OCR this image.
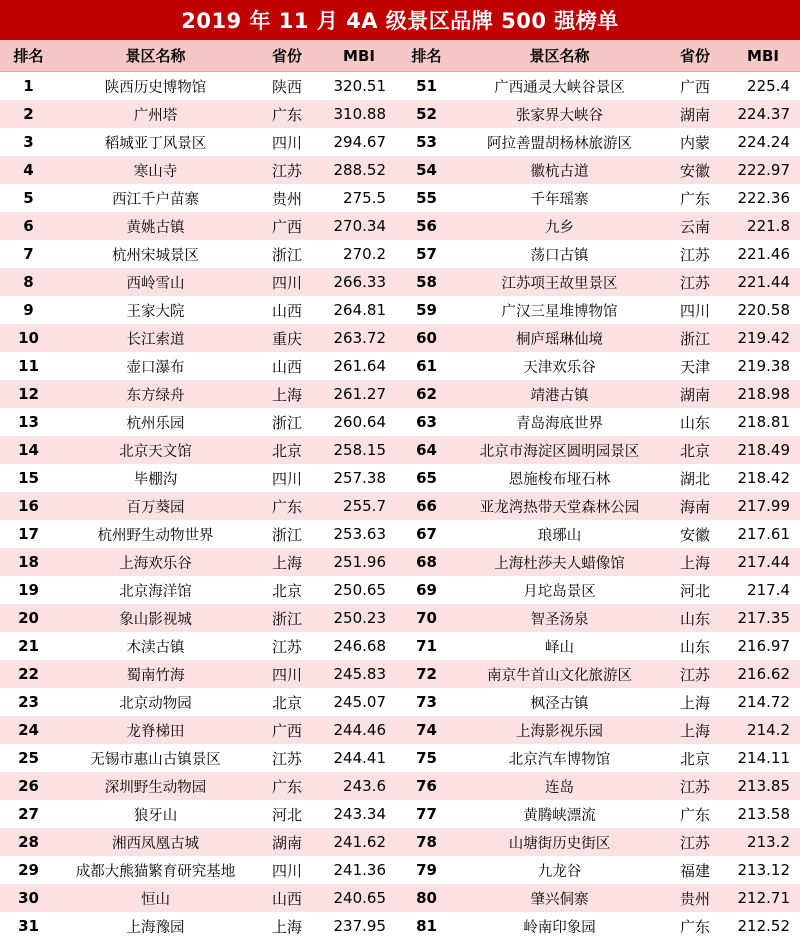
2019 年 11 月 4A 级景区品牌 500 强榜单
排名	景区名称	省份	MBI	排名	景区名称	省份	MBI
1	陕西历史博物馆	陕西	320.51	51	广西通灵大峡谷景区	广西	225.4
2	广州塔	广东	310.88	52	张家界大峡谷	湖南	224.37
3	稻城亚丁风景区	四川	294.67	53	阿拉善盟胡杨林旅游区	内蒙	224.24
4	寒山寺	江苏	288.52	54	徽杭古道	安徽	222.97
5	西江千户苗寨	贵州	275.5	55	千年瑶寨	广东	222.36
6	黄姚古镇	广西	270.34	56	九乡	云南	221.8
7	杭州宋城景区	浙江	270.2	57	荡口古镇	江苏	221.46
8	西岭雪山	四川	266.33	58	江苏项王故里景区	江苏	221.44
9	王家大院	山西	264.81	59	广汉三星堆博物馆	四川	220.58
10	长江索道	重庆	263.72	60	桐庐瑶琳仙境	浙江	219.42
11	壶口瀑布	山西	261.64	61	天津欢乐谷	天津	219.38
12	东方绿舟	上海	261.27	62	靖港古镇	湖南	218.98
13	杭州乐园	浙江	260.64	63	青岛海底世界	山东	218.81
14	北京天文馆	北京	258.15	64	北京市海淀区圆明园景区	北京	218.49
15	毕棚沟	四川	257.38	65	恩施梭布垭石林	湖北	218.42
16	百万葵园	广东	255.7	66	亚龙湾热带天堂森林公园	海南	217.99
17	杭州野生动物世界	浙江	253.63	67	琅琊山	安徽	217.61
18	上海欢乐谷	上海	251.96	68	上海杜莎夫人蜡像馆	上海	217.44
19	北京海洋馆	北京	250.65	69	月坨岛景区	河北	217.4
20	象山影视城	浙江	250.23	70	智圣汤泉	山东	217.35
21	木渎古镇	江苏	246.68	71	峄山	山东	216.97
22	蜀南竹海	四川	245.83	72	南京牛首山文化旅游区	江苏	216.62
23	北京动物园	北京	245.07	73	枫泾古镇	上海	214.72
24	龙脊梯田	广西	244.46	74	上海影视乐园	上海	214.2
25	无锡市惠山古镇景区	江苏	244.41	75	北京汽车博物馆	北京	214.11
26	深圳野生动物园	广东	243.6	76	连岛	江苏	213.85
27	狼牙山	河北	243.34	77	黄腾峡漂流	广东	213.58
28	湘西凤凰古城	湖南	241.62	78	山塘街历史街区	江苏	213.2
29	成都大熊猫繁育研究基地	四川	241.36	79	九龙谷	福建	213.12
30	恒山	山西	240.65	80	肇兴侗寨	贵州	212.71
31	上海豫园	上海	237.95	81	岭南印象园	广东	212.52
